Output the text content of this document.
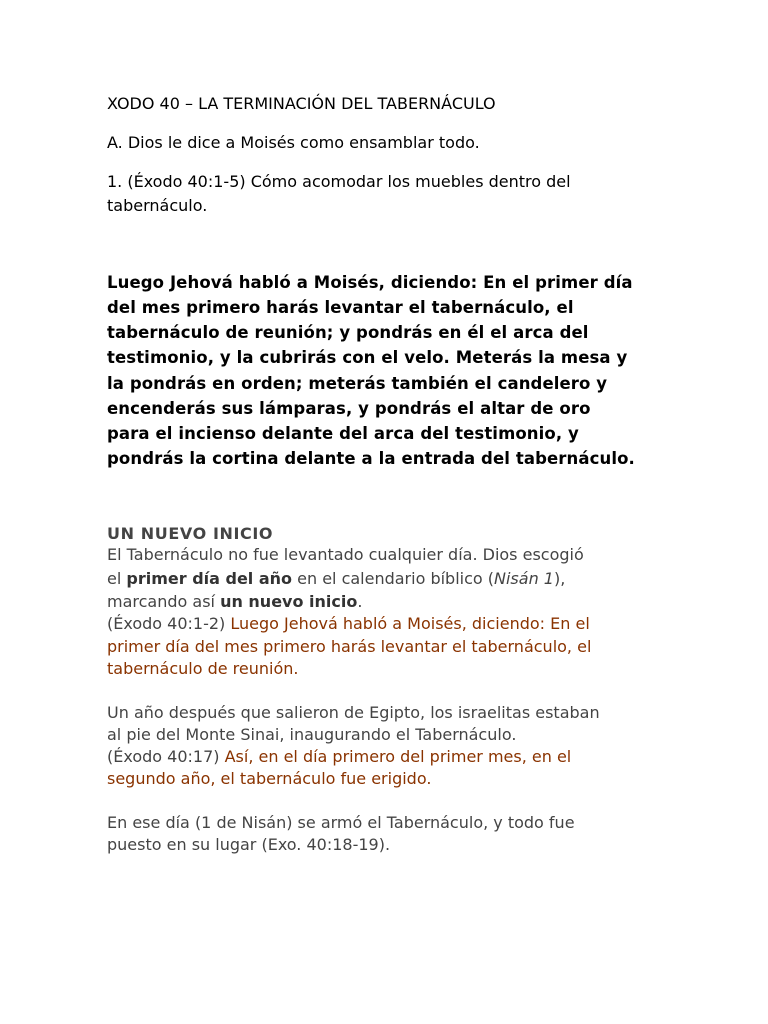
XODO 40 – LA TERMINACIÓN DEL TABERNÁCULO
A. Dios le dice a Moisés como ensamblar todo.
1. (Éxodo 40:1-5) Cómo acomodar los muebles dentro del
tabernáculo.
Luego Jehová habló a Moisés, diciendo: En el primer día
del mes primero harás levantar el tabernáculo, el
tabernáculo de reunión; y pondrás en él el arca del
testimonio, y la cubrirás con el velo. Meterás la mesa y
la pondrás en orden; meterás también el candelero y
encenderás sus lámparas, y pondrás el altar de oro
para el incienso delante del arca del testimonio, y
pondrás la cortina delante a la entrada del tabernáculo.
UN NUEVO INICIO
El Tabernáculo no fue levantado cualquier día. Dios escogió
el primer día del año en el calendario bíblico (Nisán 1),
marcando así un nuevo inicio.
(Éxodo 40:1-2) Luego Jehová habló a Moisés, diciendo: En el
primer día del mes primero harás levantar el tabernáculo, el
tabernáculo de reunión.
Un año después que salieron de Egipto, los israelitas estaban
al pie del Monte Sinai, inaugurando el Tabernáculo.
(Éxodo 40:17) Así, en el día primero del primer mes, en el
segundo año, el tabernáculo fue erigido.
En ese día (1 de Nisán) se armó el Tabernáculo, y todo fue
puesto en su lugar (Exo. 40:18-19).
